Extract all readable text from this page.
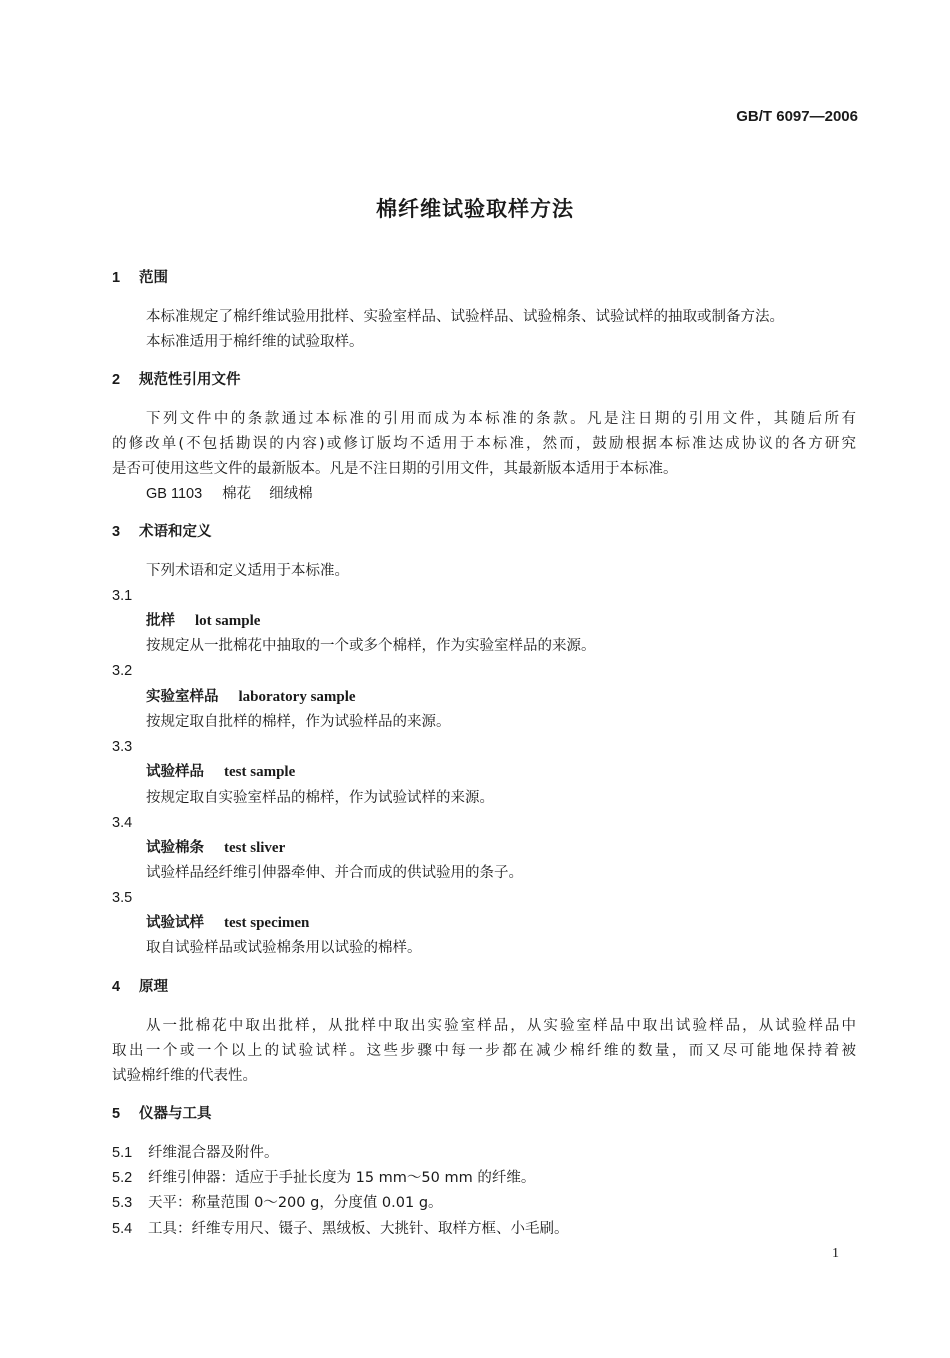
GB/T 6097—2006
棉纤维试验取样方法
1 范围
本标准规定了棉纤维试验用批样、实验室样品、试验样品、试验棉条、试验试样的抽取或制备方法。
本标准适用于棉纤维的试验取样。
2 规范性引用文件
下列文件中的条款通过本标准的引用而成为本标准的条款。凡是注日期的引用文件，其随后所有
的修改单(不包括勘误的内容)或修订版均不适用于本标准，然而，鼓励根据本标准达成协议的各方研究
是否可使用这些文件的最新版本。凡是不注日期的引用文件，其最新版本适用于本标准。
GB 1103 棉花 细绒棉
3 术语和定义
下列术语和定义适用于本标准。
3.1
批样 lot sample
按规定从一批棉花中抽取的一个或多个棉样，作为实验室样品的来源。
3.2
实验室样品 laboratory sample
按规定取自批样的棉样，作为试验样品的来源。
3.3
试验样品 test sample
按规定取自实验室样品的棉样，作为试验试样的来源。
3.4
试验棉条 test sliver
试验样品经纤维引伸器牵伸、并合而成的供试验用的条子。
3.5
试验试样 test specimen
取自试验样品或试验棉条用以试验的棉样。
4 原理
从一批棉花中取出批样，从批样中取出实验室样品，从实验室样品中取出试验样品，从试验样品中
取出一个或一个以上的试验试样。这些步骤中每一步都在减少棉纤维的数量，而又尽可能地保持着被
试验棉纤维的代表性。
5 仪器与工具
5.1 纤维混合器及附件。
5.2 纤维引伸器：适应于手扯长度为 15 mm～50 mm 的纤维。
5.3 天平：称量范围 0～200 g，分度值 0.01 g。
5.4 工具：纤维专用尺、镊子、黑绒板、大挑针、取样方框、小毛刷。
1
